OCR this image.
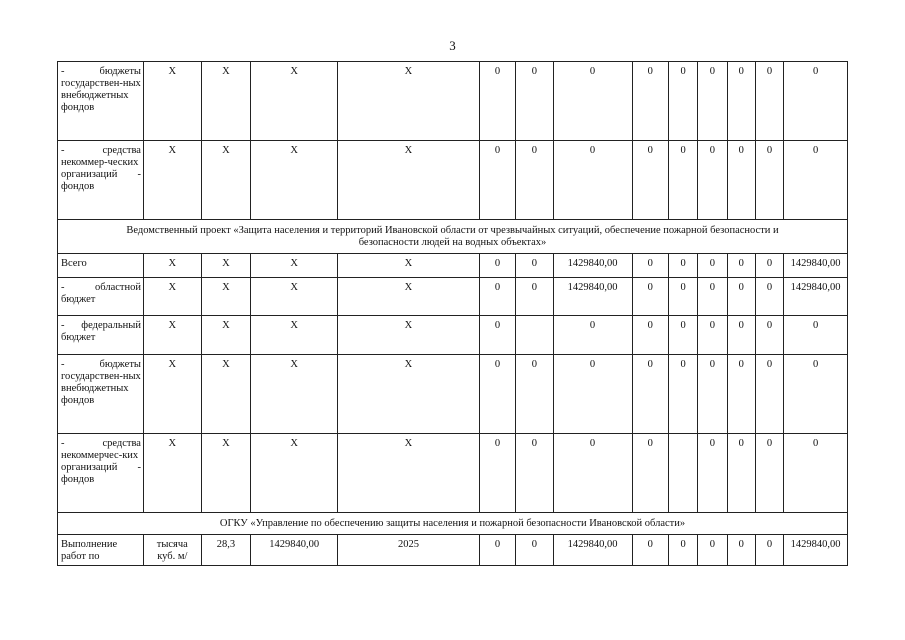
3
- бюджеты государствен-ных внебюджетных фондов	Х	Х	Х	Х	0	0	0	0	0	0	0	0	0
- средства некоммер-ческих организаций - фондов	Х	Х	Х	Х	0	0	0	0	0	0	0	0	0
Ведомственный проект «Защита населения и территорий Ивановской области от чрезвычайных ситуаций, обеспечение пожарной безопасности и безопасности людей на водных объектах»													
Всего	Х	Х	Х	Х	0	0	1429840,00	0	0	0	0	0	1429840,00
- областной бюджет	Х	Х	Х	Х	0	0	1429840,00	0	0	0	0	0	1429840,00
- федеральный бюджет	Х	Х	Х	Х	0		0	0	0	0	0	0	0
- бюджеты государствен-ных внебюджетных фондов	Х	Х	Х	Х	0	0	0	0	0	0	0	0	0
- средства некоммерчес-ких организаций - фондов	Х	Х	Х	Х	0	0	0	0		0	0	0	0
ОГКУ «Управление по обеспечению защиты населения и пожарной безопасности Ивановской области»													
Выполнение работ по	тысяча куб. м/	28,3	1429840,00	2025	0	0	1429840,00	0	0	0	0	0	1429840,00
